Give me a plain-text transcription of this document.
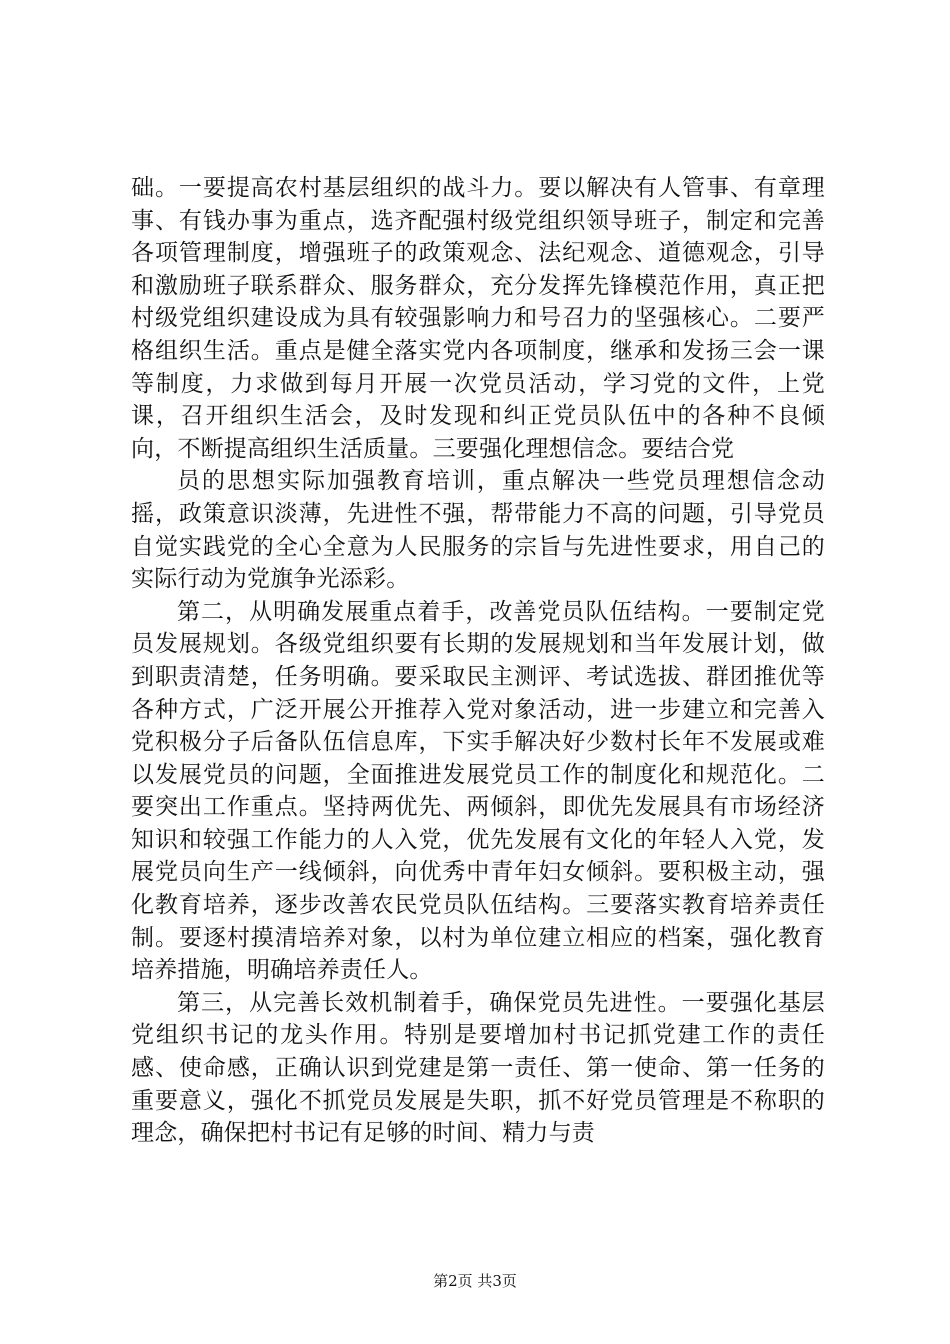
础。一要提高农村基层组织的战斗力。要以解决有人管事、有章理事、有钱办事为重点，选齐配强村级党组织领导班子，制定和完善各项管理制度，增强班子的政策观念、法纪观念、道德观念，引导和激励班子联系群众、服务群众，充分发挥先锋模范作用，真正把村级党组织建设成为具有较强影响力和号召力的坚强核心。二要严格组织生活。重点是健全落实党内各项制度，继承和发扬三会一课等制度，力求做到每月开展一次党员活动，学习党的文件，上党课，召开组织生活会，及时发现和纠正党员队伍中的各种不良倾向，不断提高组织生活质量。三要强化理想信念。要结合党

员的思想实际加强教育培训，重点解决一些党员理想信念动摇，政策意识淡薄，先进性不强，帮带能力不高的问题，引导党员自觉实践党的全心全意为人民服务的宗旨与先进性要求，用自己的实际行动为党旗争光添彩。

第二，从明确发展重点着手，改善党员队伍结构。一要制定党员发展规划。各级党组织要有长期的发展规划和当年发展计划，做到职责清楚，任务明确。要采取民主测评、考试选拔、群团推优等各种方式，广泛开展公开推荐入党对象活动，进一步建立和完善入党积极分子后备队伍信息库，下实手解决好少数村长年不发展或难以发展党员的问题，全面推进发展党员工作的制度化和规范化。二要突出工作重点。坚持两优先、两倾斜，即优先发展具有市场经济知识和较强工作能力的人入党，优先发展有文化的年轻人入党，发展党员向生产一线倾斜，向优秀中青年妇女倾斜。要积极主动，强化教育培养，逐步改善农民党员队伍结构。三要落实教育培养责任制。要逐村摸清培养对象，以村为单位建立相应的档案，强化教育培养措施，明确培养责任人。

第三，从完善长效机制着手，确保党员先进性。一要强化基层党组织书记的龙头作用。特别是要增加村书记抓党建工作的责任感、使命感，正确认识到党建是第一责任、第一使命、第一任务的重要意义，强化不抓党员发展是失职，抓不好党员管理是不称职的理念，确保把村书记有足够的时间、精力与责

第2页 共3页
